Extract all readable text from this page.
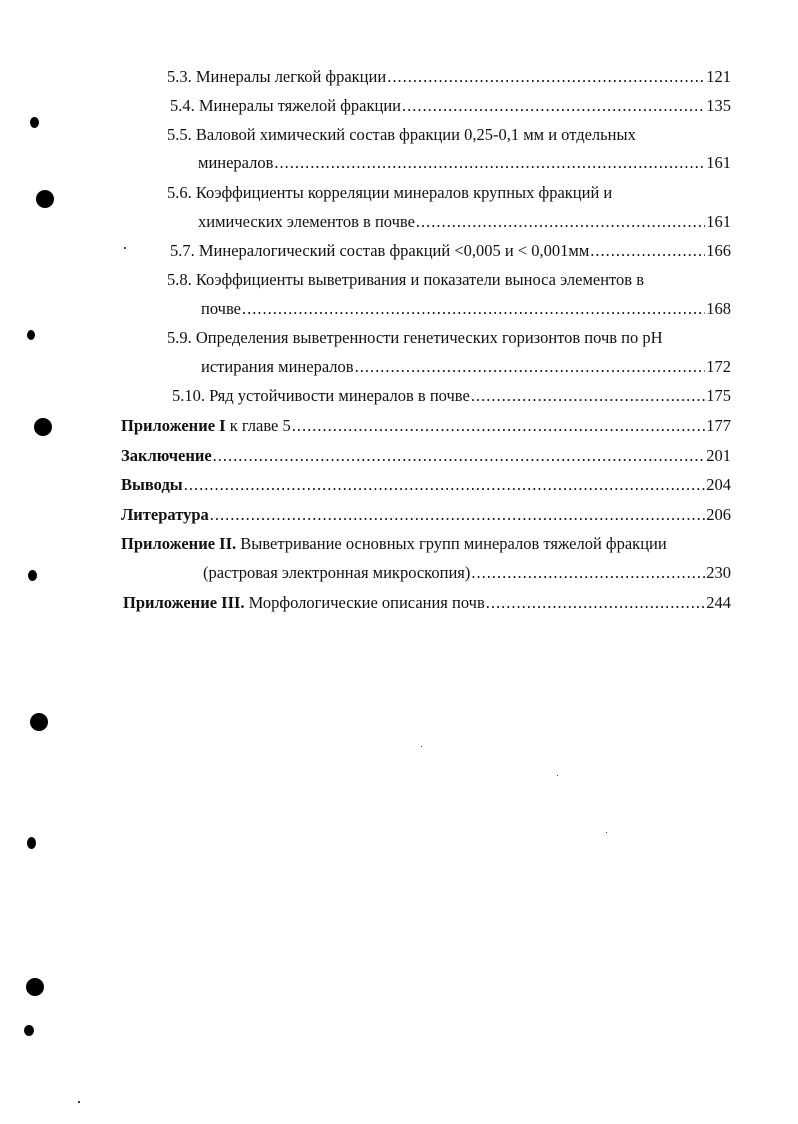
5.3. Минералы легкой фракции .....	121
5.4. Минералы тяжелой фракции .....	135
5.5. Валовой химический состав фракции 0,25-0,1 мм и отдельных
минералов .....	161
5.6. Коэффициенты корреляции минералов крупных фракций и
химических элементов в почве .....	161
5.7. Минералогический состав фракций <0,005 и < 0,001мм .....	166
5.8. Коэффициенты выветривания и показатели выноса элементов в
почве .....	168
5.9. Определения выветренности генетических горизонтов почв по pH
истирания минералов .....	172
5.10. Ряд устойчивости минералов в почве .....	175
Приложение I к главе 5 .....	177
Заключение .....	201
Выводы .....	204
Литература .....	206
Приложение II. Выветривание основных групп минералов тяжелой фракции
(растровая электронная микроскопия) .....	230
Приложение III. Морфологические описания почв .....	244
